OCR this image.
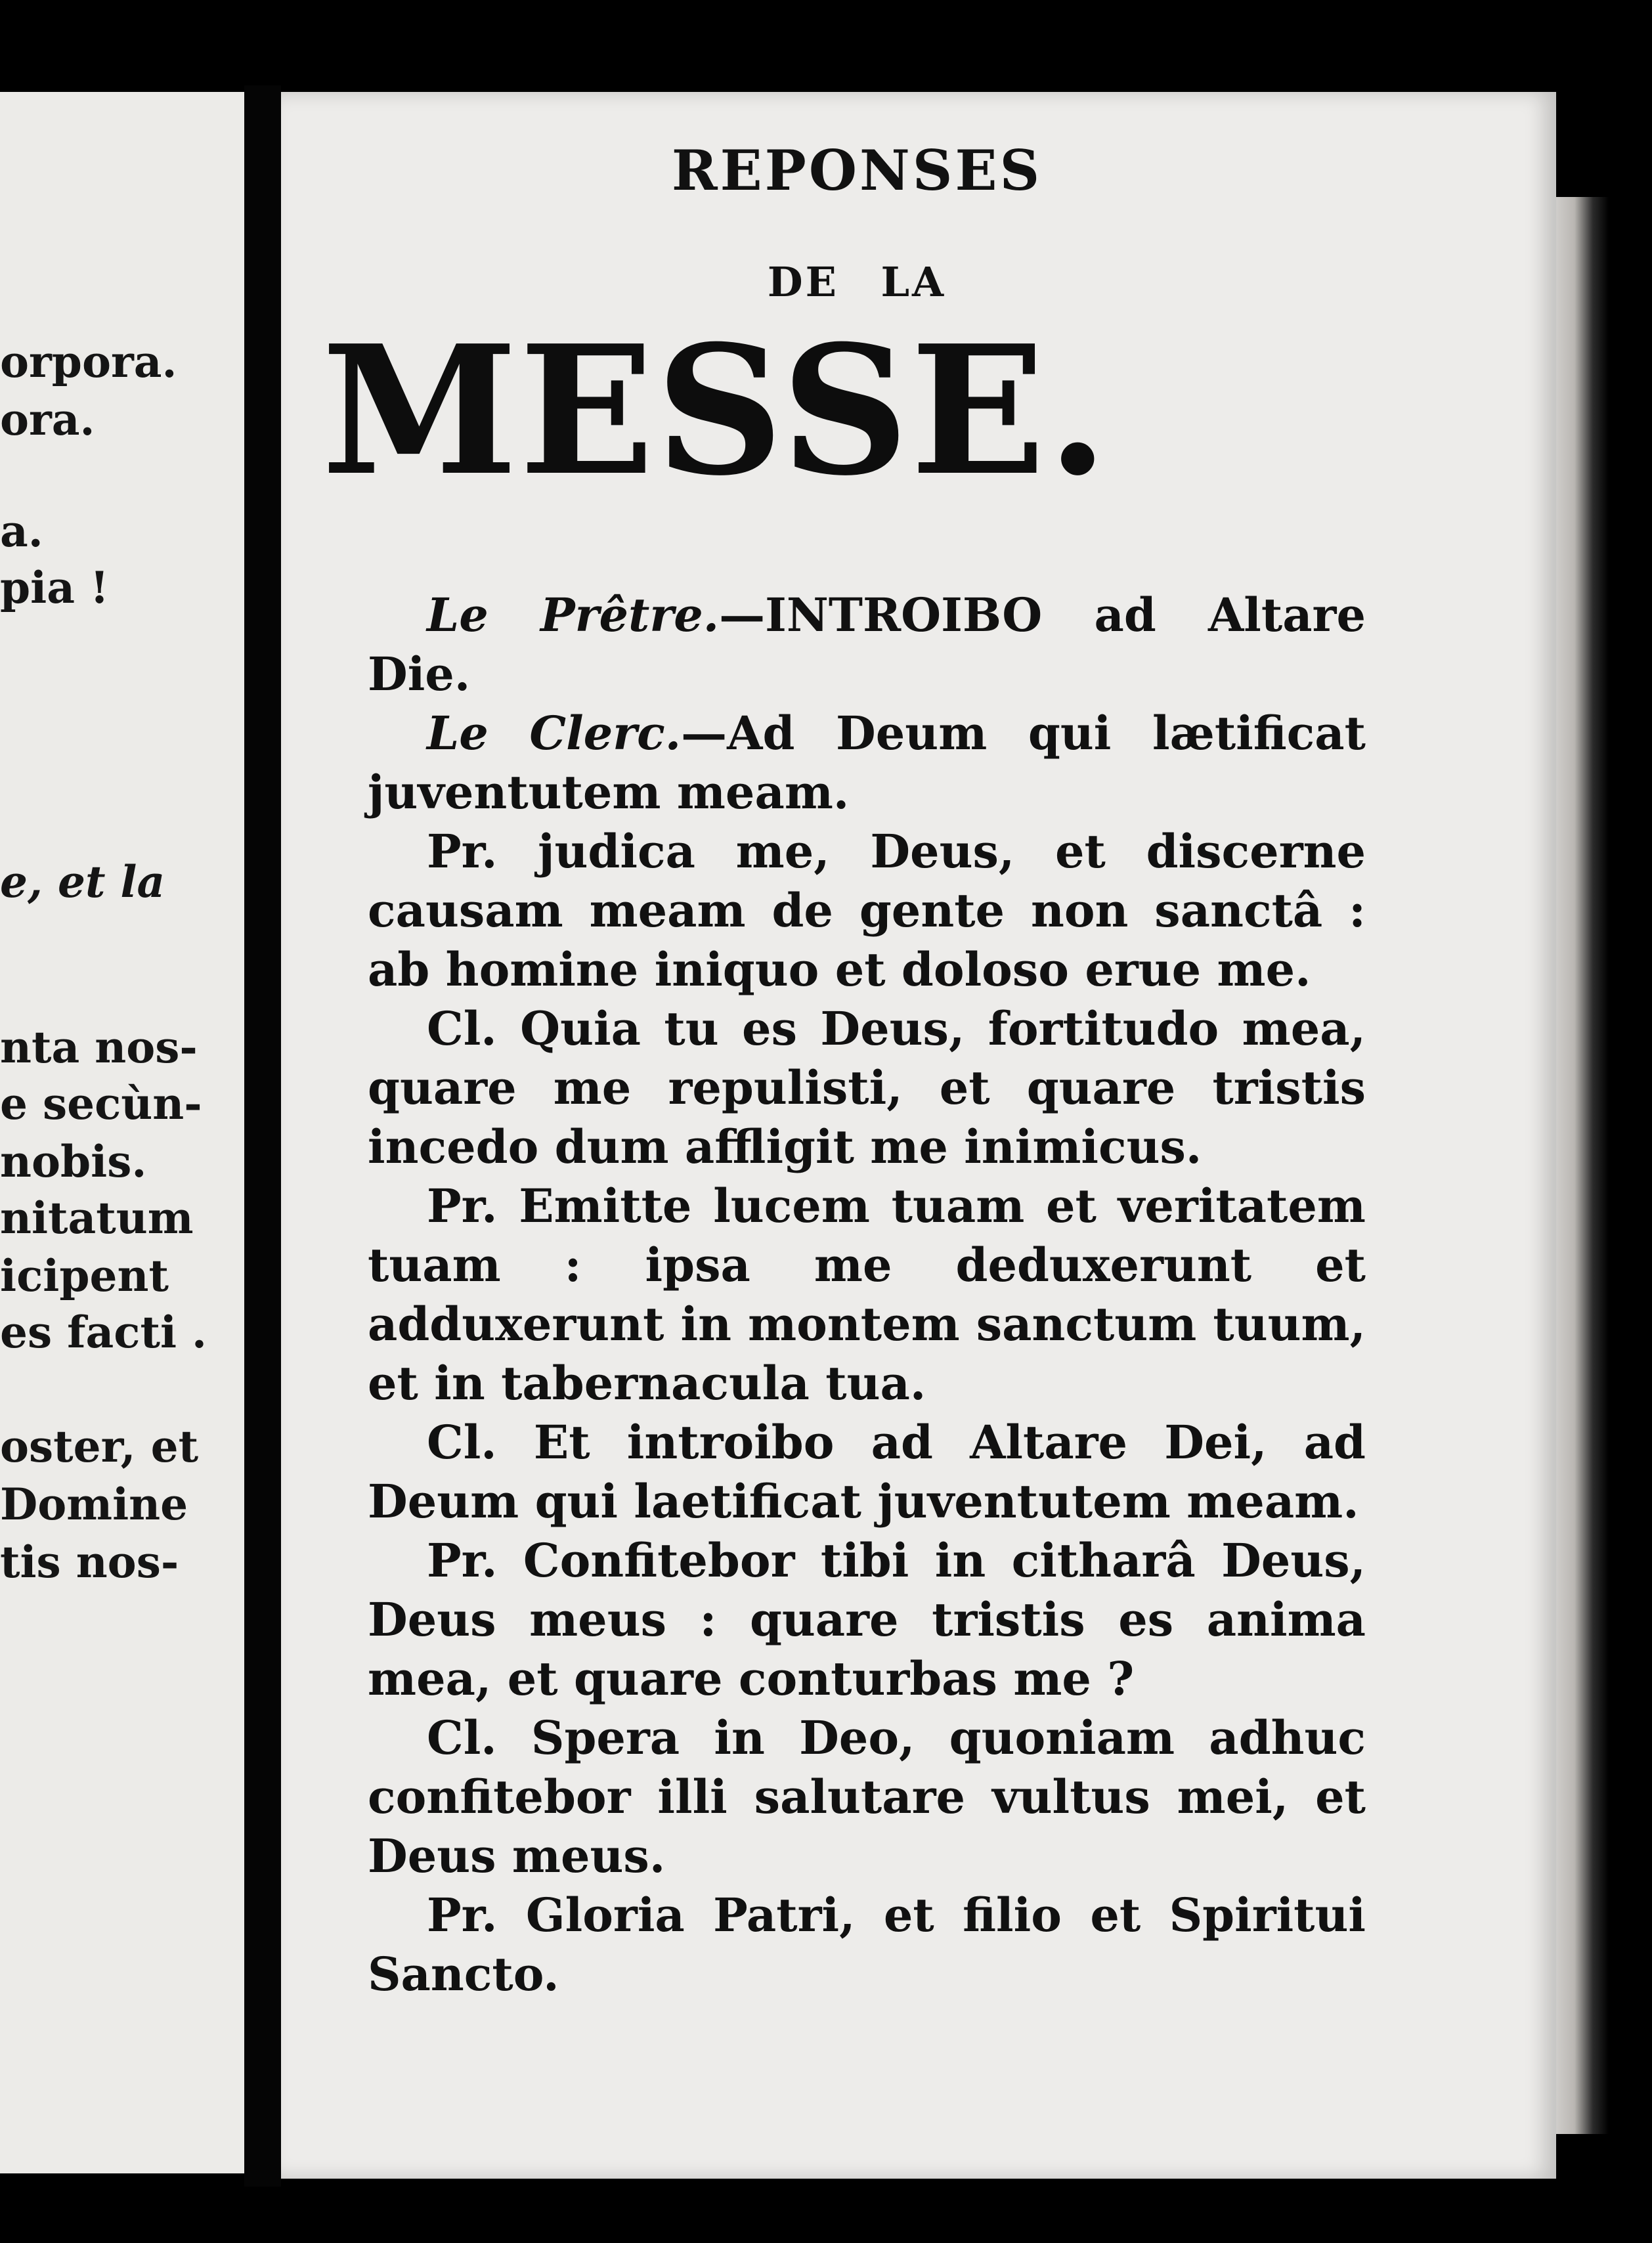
orpora.
ora.
a.
pia !
e, et la
nta nos-
e secùn-
nobis.
nitatum
icipent
es facti .
oster, et
Domine
tis nos-
REPONSES
DE LA
MESSE.

Le Prêtre.—INTROIBO ad Altare Die.

Le Clerc.—Ad Deum qui lætificat juventutem meam.

Pr. judica me, Deus, et discerne causam meam de gente non sanctâ : ab homine iniquo et doloso erue me.

Cl. Quia tu es Deus, fortitudo mea, quare me repulisti, et quare tristis incedo dum affligit me inimicus.

Pr. Emitte lucem tuam et veritatem tuam : ipsa me deduxerunt et adduxerunt in montem sanctum tuum, et in tabernacula tua.

Cl. Et introibo ad Altare Dei, ad Deum qui laetificat juventutem meam.

Pr. Confitebor tibi in citharâ Deus, Deus meus : quare tristis es anima mea, et quare conturbas me ?

Cl. Spera in Deo, quoniam adhuc confitebor illi salutare vultus mei, et Deus meus.

Pr. Gloria Patri, et filio et Spiritui Sancto.
